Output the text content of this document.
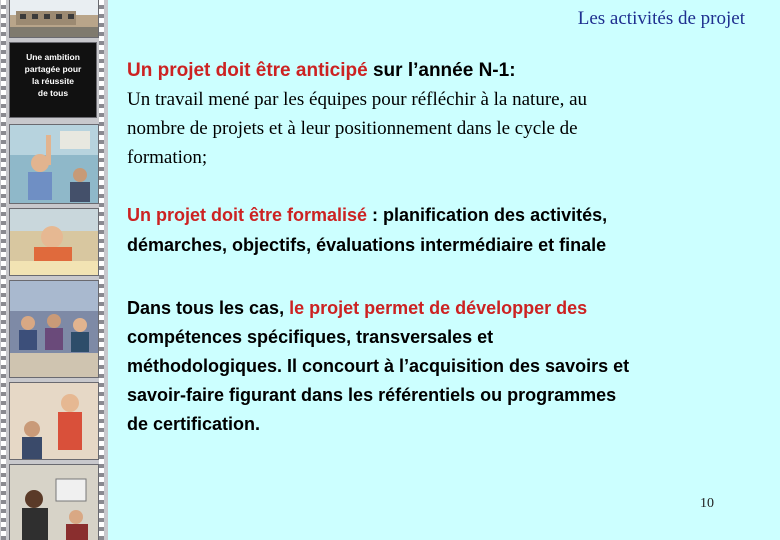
Une ambition
partagée pour
la réussite
de tous
Les activités de projet

Un projet doit être anticipé sur l’année N-1:
Un travail mené par les équipes pour réfléchir à la nature, au
nombre de projets et à leur positionnement dans le cycle de
formation;

Un projet doit être formalisé : planification des activités,
démarches, objectifs, évaluations intermédiaire et finale

Dans tous les cas, le projet permet de développer des
compétences spécifiques, transversales et
méthodologiques. Il concourt à l’acquisition des savoirs et
savoir-faire figurant dans les référentiels ou programmes
de certification.

10
